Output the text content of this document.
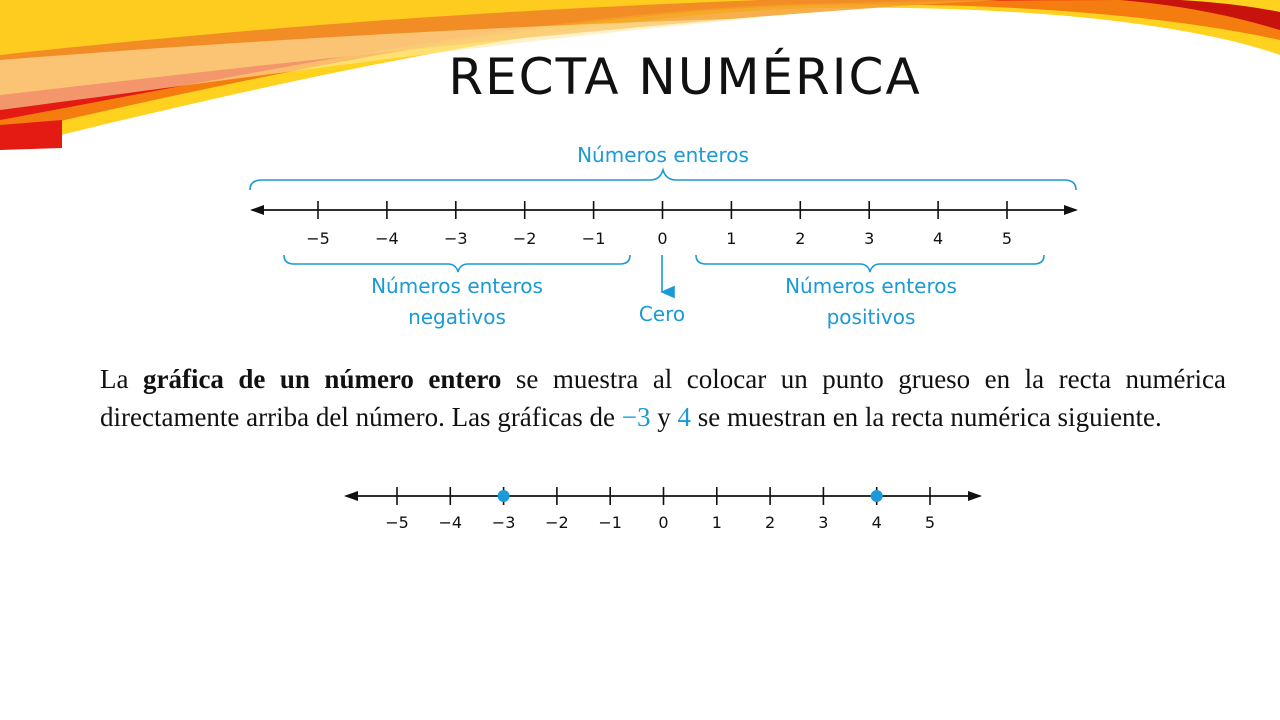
RECTA NUMÉRICA
−5	−4	−3	−2	−1	0	1	2	3	4	5
Números enteros
Números enteros
negativos	Cero
Números enteros
positivos

La gráfica de un número entero se muestra al colocar un punto grueso en la recta numérica directamente arriba del número. Las gráficas de −3 y 4 se muestran en la recta numérica siguiente.

−5	−4	−3	−2	−1	0	1	2	3	4	5
